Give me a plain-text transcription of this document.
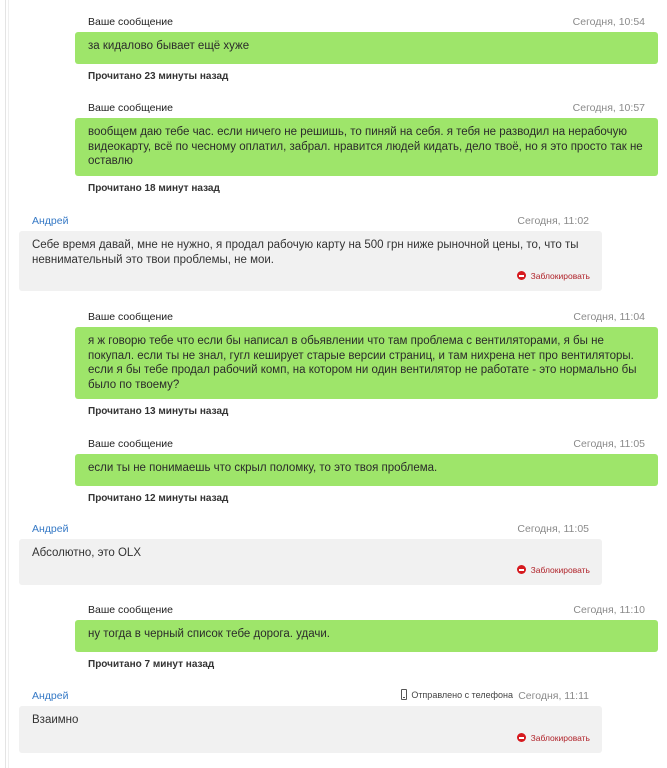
Ваше сообщение	Сегодня, 10:54
за кидалово бывает ещё хуже
Прочитано 23 минуты назад
Ваше сообщение	Сегодня, 10:57
вообщем даю тебе час. если ничего не решишь, то пиняй на себя. я тебя не разводил на нерабочую видеокарту, всё по чесному оплатил, забрал. нравится людей кидать, дело твоё, но я это просто так не оставлю
Прочитано 18 минут назад
Андрей	Сегодня, 11:02
Себе время давай, мне не нужно, я продал рабочую карту на 500 грн ниже рыночной цены, то, что ты невнимательный это твои проблемы, не мои.
Заблокировать
Ваше сообщение	Сегодня, 11:04
я ж говорю тебе что если бы написал в обьявлении что там проблема с вентиляторами, я бы не покупал. если ты не знал, гугл кеширует старые версии страниц, и там нихрена нет про вентиляторы. если я бы тебе продал рабочий комп, на котором ни один вентилятор не работате - это нормально бы было по твоему?
Прочитано 13 минуты назад
Ваше сообщение	Сегодня, 11:05
если ты не понимаешь что скрыл поломку, то это твоя проблема.
Прочитано 12 минуты назад
Андрей	Сегодня, 11:05
Абсолютно, это OLX
Заблокировать
Ваше сообщение	Сегодня, 11:10
ну тогда в черный список тебе дорога. удачи.
Прочитано 7 минут назад
Андрей	Отправлено с телефона Сегодня, 11:11
Взаимно
Заблокировать
